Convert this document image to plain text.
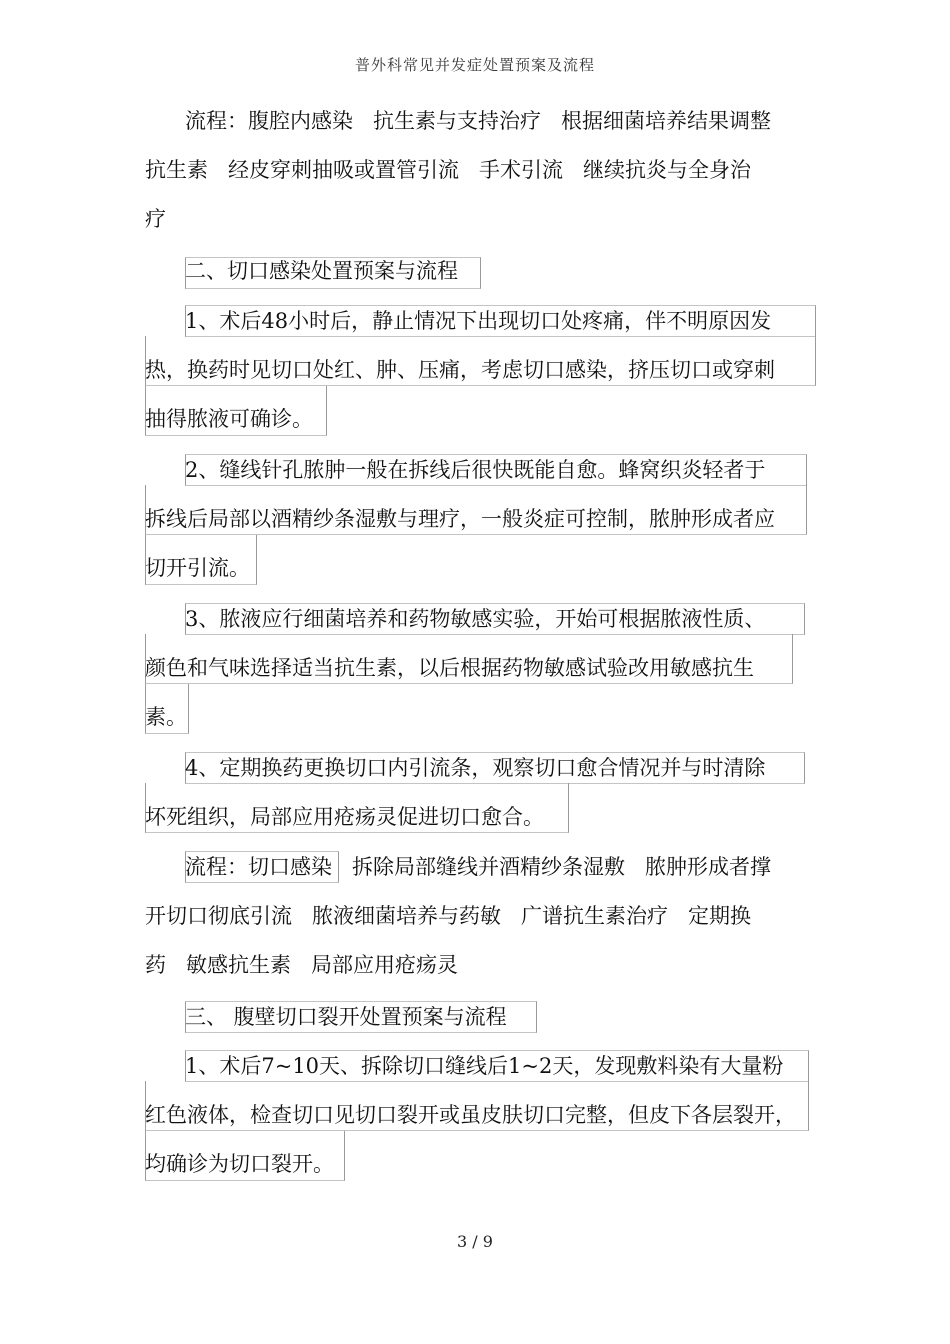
普外科常见并发症处置预案及流程
流程：腹腔内感染 抗生素与支持治疗 根据细菌培养结果调整
抗生素 经皮穿刺抽吸或置管引流 手术引流 继续抗炎与全身治
疗
二、切口感染处置预案与流程
1、术后48小时后，静止情况下出现切口处疼痛，伴不明原因发
热，换药时见切口处红、肿、压痛，考虑切口感染，挤压切口或穿刺
抽得脓液可确诊。
2、缝线针孔脓肿一般在拆线后很快既能自愈。蜂窝织炎轻者于
拆线后局部以酒精纱条湿敷与理疗，一般炎症可控制，脓肿形成者应
切开引流。
3、脓液应行细菌培养和药物敏感实验，开始可根据脓液性质、
颜色和气味选择适当抗生素，以后根据药物敏感试验改用敏感抗生
素。
4、定期换药更换切口内引流条，观察切口愈合情况并与时清除
坏死组织，局部应用疮疡灵促进切口愈合。
流程：切口感染 拆除局部缝线并酒精纱条湿敷 脓肿形成者撑
开切口彻底引流 脓液细菌培养与药敏 广谱抗生素治疗 定期换
药 敏感抗生素 局部应用疮疡灵
三、 腹壁切口裂开处置预案与流程
1、术后7~10天、拆除切口缝线后1~2天，发现敷料染有大量粉
红色液体，检查切口见切口裂开或虽皮肤切口完整，但皮下各层裂开，
均确诊为切口裂开。
3 / 9
